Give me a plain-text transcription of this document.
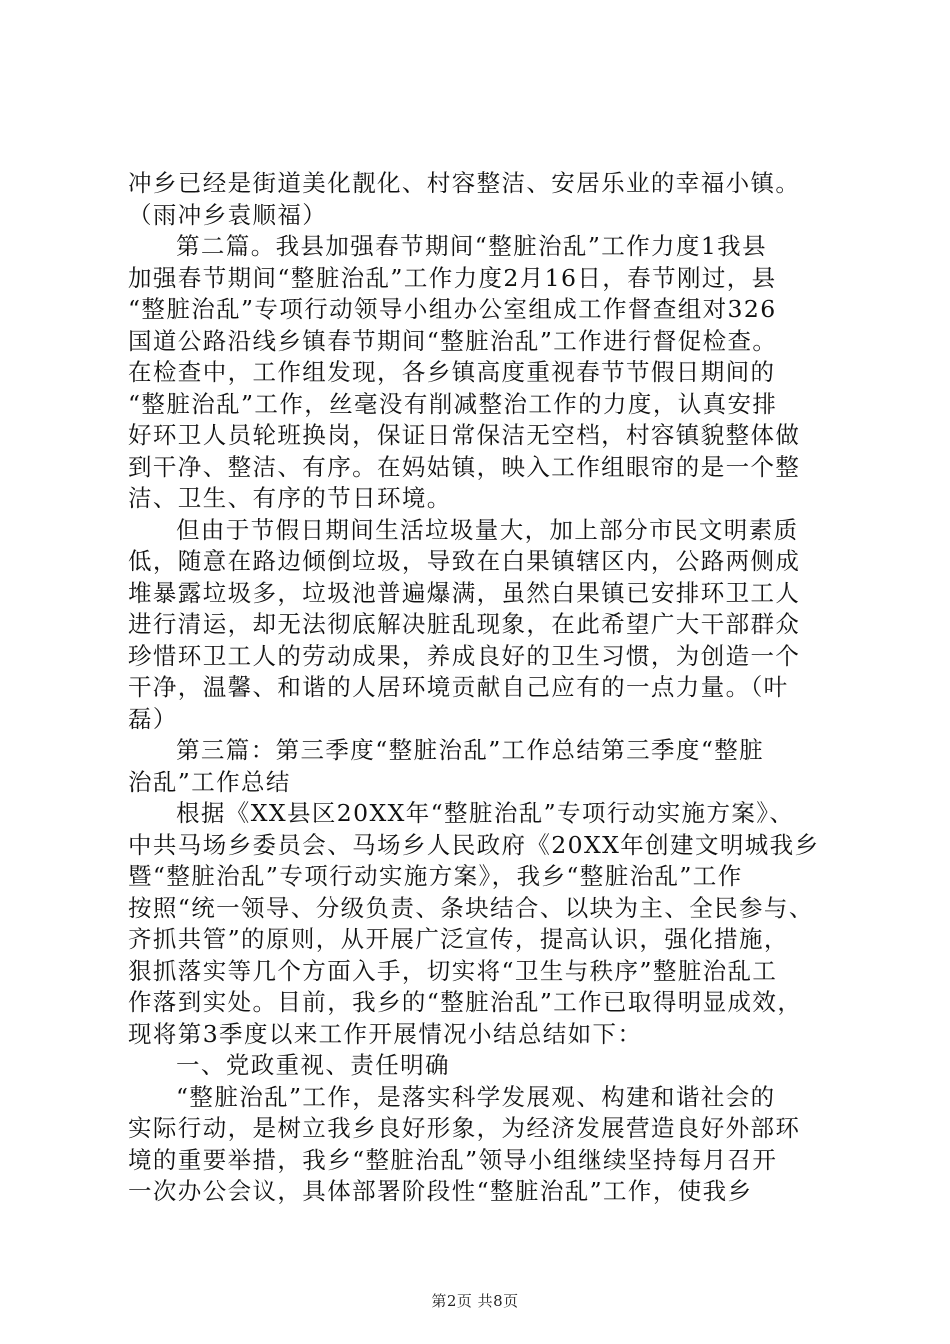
冲乡已经是街道美化靓化、村容整洁、安居乐业的幸福小镇。
（雨冲乡袁顺福）
第二篇。我县加强春节期间“整脏治乱”工作力度1我县
加强春节期间“整脏治乱”工作力度2月16日，春节刚过，县
“整脏治乱”专项行动领导小组办公室组成工作督查组对326
国道公路沿线乡镇春节期间“整脏治乱”工作进行督促检查。
在检查中，工作组发现，各乡镇高度重视春节节假日期间的
“整脏治乱”工作，丝毫没有削减整治工作的力度，认真安排
好环卫人员轮班换岗，保证日常保洁无空档，村容镇貌整体做
到干净、整洁、有序。在妈姑镇，映入工作组眼帘的是一个整
洁、卫生、有序的节日环境。
但由于节假日期间生活垃圾量大，加上部分市民文明素质
低，随意在路边倾倒垃圾，导致在白果镇辖区内，公路两侧成
堆暴露垃圾多，垃圾池普遍爆满，虽然白果镇已安排环卫工人
进行清运，却无法彻底解决脏乱现象，在此希望广大干部群众
珍惜环卫工人的劳动成果，养成良好的卫生习惯，为创造一个
干净，温馨、和谐的人居环境贡献自己应有的一点力量。（叶
磊）
第三篇：第三季度“整脏治乱”工作总结第三季度“整脏
治乱”工作总结
根据《XX县区20XX年“整脏治乱”专项行动实施方案》、
中共马场乡委员会、马场乡人民政府《20XX年创建文明城我乡
暨“整脏治乱”专项行动实施方案》，我乡“整脏治乱”工作
按照“统一领导、分级负责、条块结合、以块为主、全民参与、
齐抓共管”的原则，从开展广泛宣传，提高认识，强化措施，
狠抓落实等几个方面入手，切实将“卫生与秩序”整脏治乱工
作落到实处。目前，我乡的“整脏治乱”工作已取得明显成效，
现将第3季度以来工作开展情况小结总结如下：
一、党政重视、责任明确
“整脏治乱”工作，是落实科学发展观、构建和谐社会的
实际行动，是树立我乡良好形象，为经济发展营造良好外部环
境的重要举措，我乡“整脏治乱”领导小组继续坚持每月召开
一次办公会议，具体部署阶段性“整脏治乱”工作，使我乡
第2页 共8页
